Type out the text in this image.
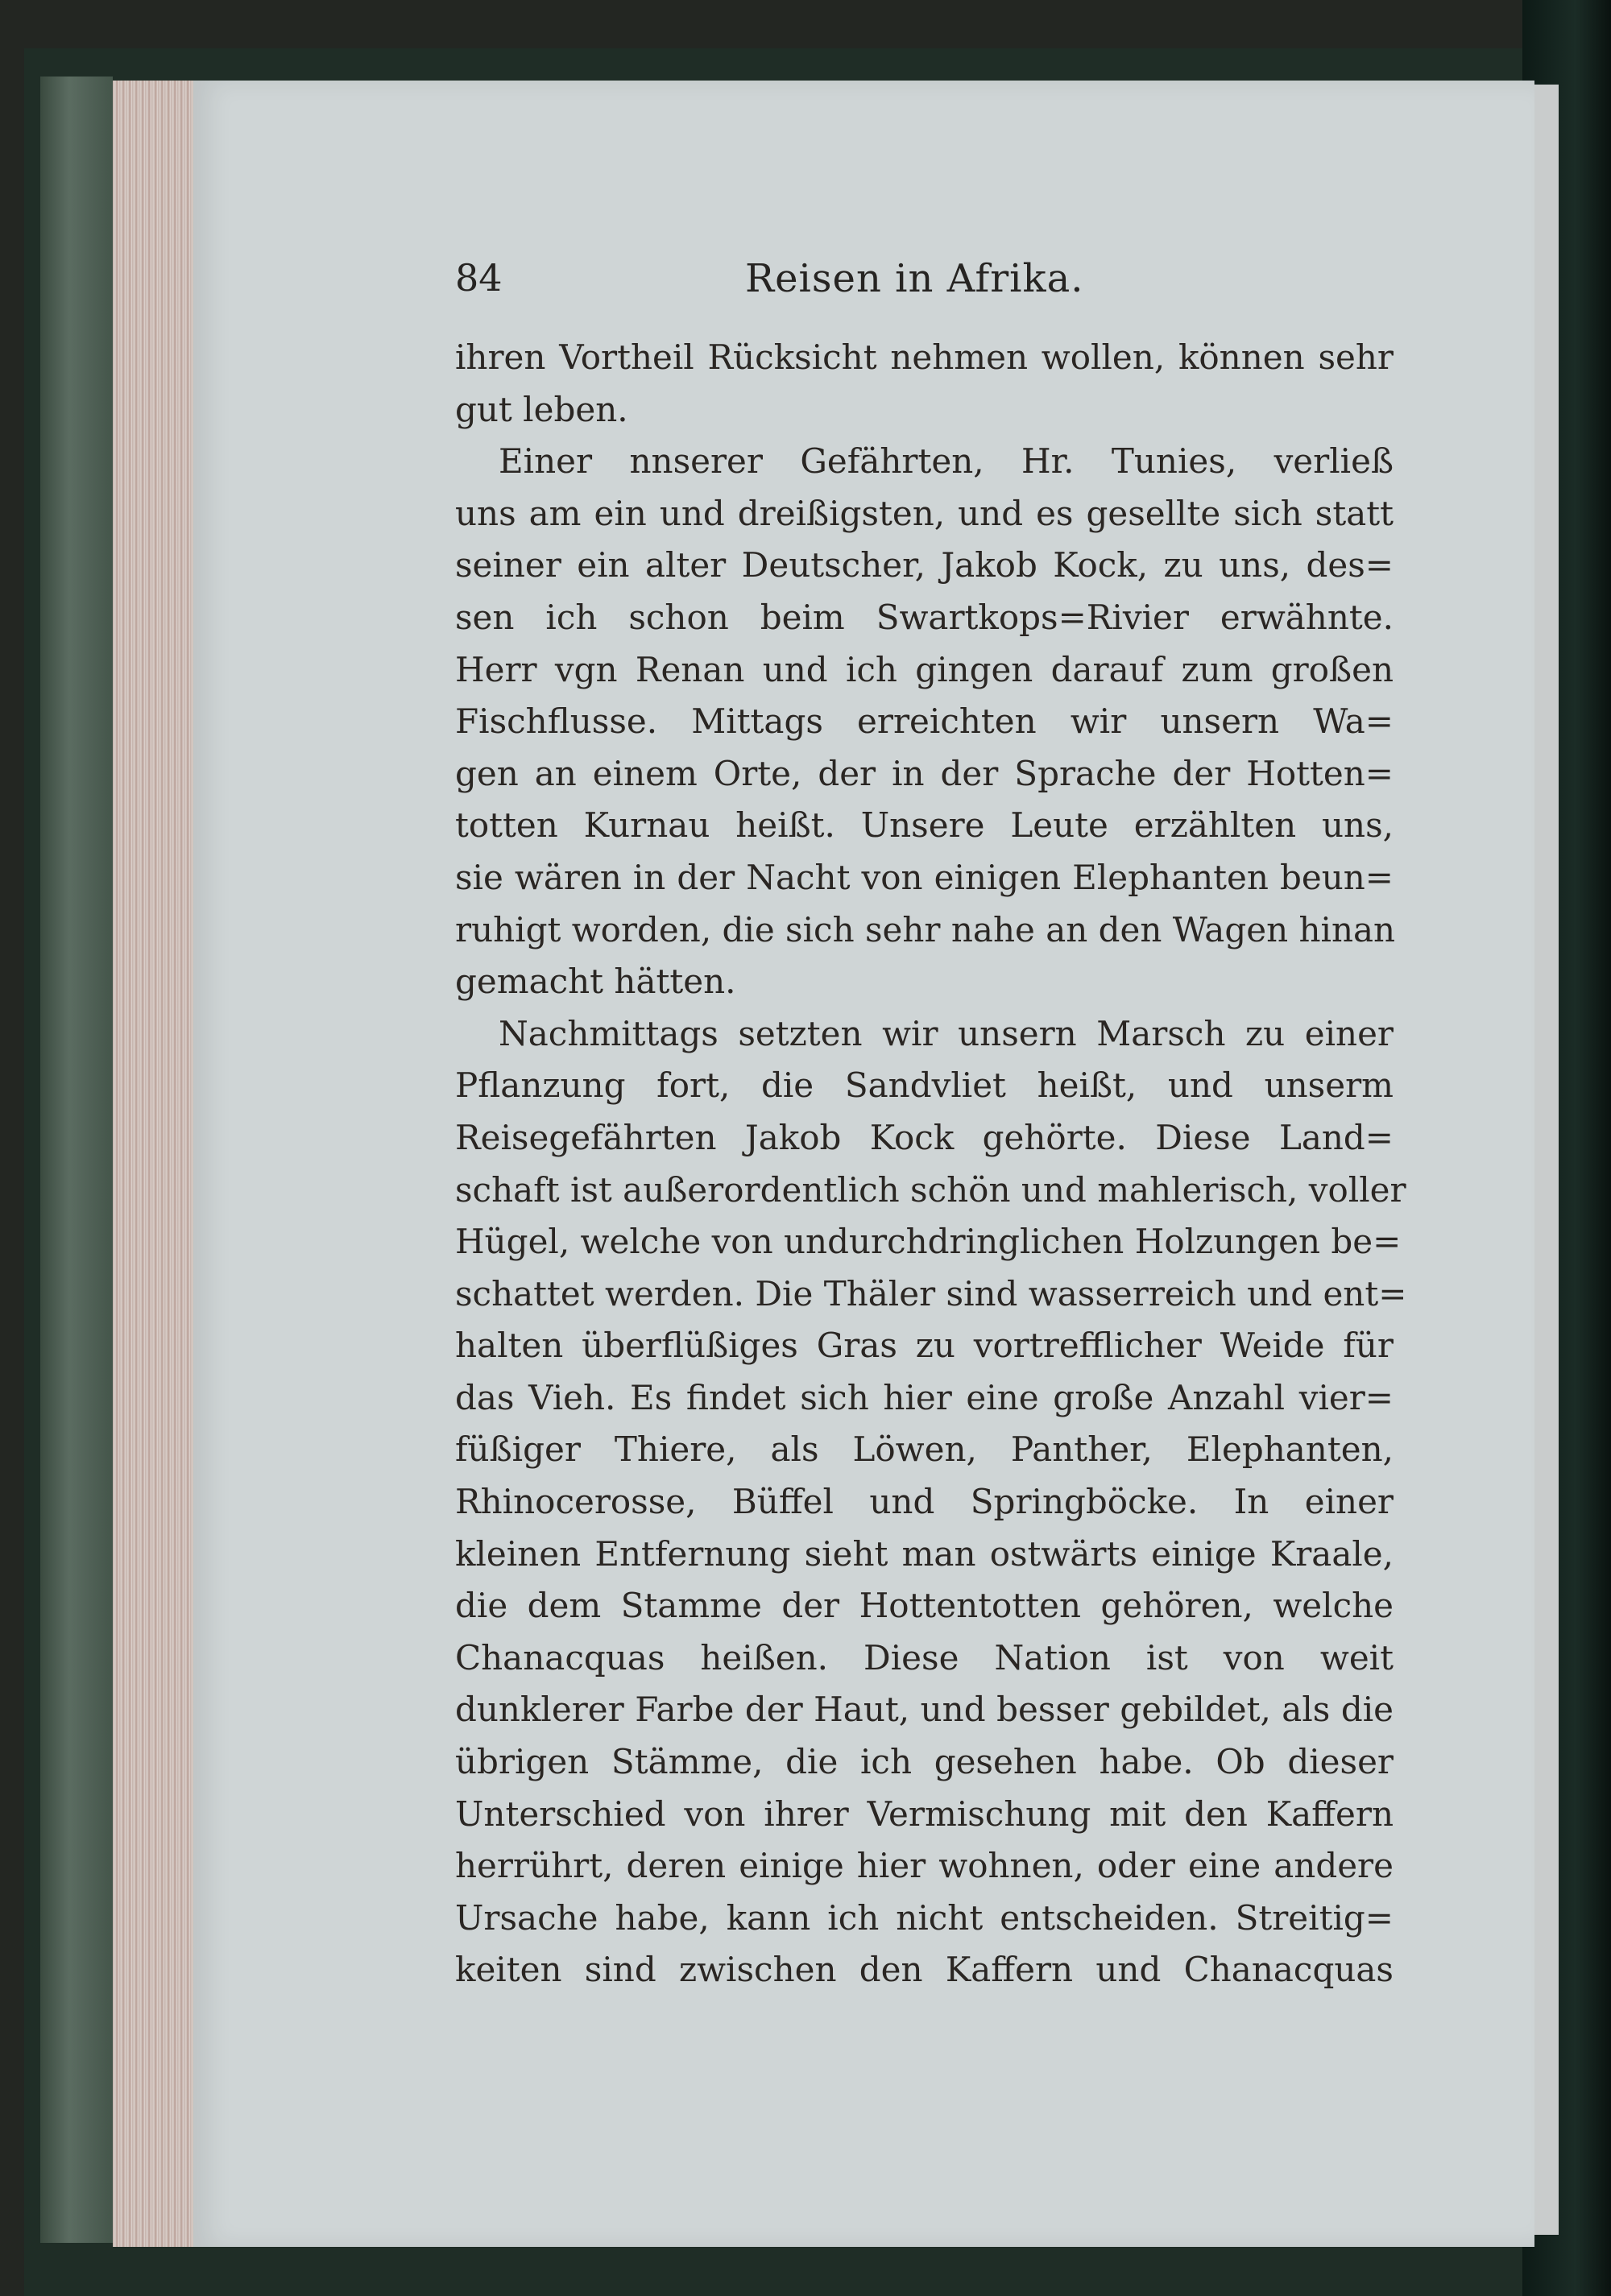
84	Reisen in Afrika.
ihren Vortheil Rücksicht nehmen wollen, können sehr
gut leben.
Einer nnserer Gefährten, Hr. Tunies, verließ
uns am ein und dreißigsten, und es gesellte sich statt
seiner ein alter Deutscher, Jakob Kock, zu uns, des=
sen ich schon beim Swartkops=Rivier erwähnte.
Herr vgn Renan und ich gingen darauf zum großen
Fischflusse. Mittags erreichten wir unsern Wa=
gen an einem Orte, der in der Sprache der Hotten=
totten Kurnau heißt. Unsere Leute erzählten uns,
sie wären in der Nacht von einigen Elephanten beun=
ruhigt worden, die sich sehr nahe an den Wagen hinan
gemacht hätten.
Nachmittags setzten wir unsern Marsch zu einer
Pflanzung fort, die Sandvliet heißt, und unserm
Reisegefährten Jakob Kock gehörte. Diese Land=
schaft ist außerordentlich schön und mahlerisch, voller
Hügel, welche von undurchdringlichen Holzungen be=
schattet werden. Die Thäler sind wasserreich und ent=
halten überflüßiges Gras zu vortrefflicher Weide für
das Vieh. Es findet sich hier eine große Anzahl vier=
füßiger Thiere, als Löwen, Panther, Elephanten,
Rhinocerosse, Büffel und Springböcke. In einer
kleinen Entfernung sieht man ostwärts einige Kraale,
die dem Stamme der Hottentotten gehören, welche
Chanacquas heißen. Diese Nation ist von weit
dunklerer Farbe der Haut, und besser gebildet, als die
übrigen Stämme, die ich gesehen habe. Ob dieser
Unterschied von ihrer Vermischung mit den Kaffern
herrührt, deren einige hier wohnen, oder eine andere
Ursache habe, kann ich nicht entscheiden. Streitig=
keiten sind zwischen den Kaffern und Chanacquas
